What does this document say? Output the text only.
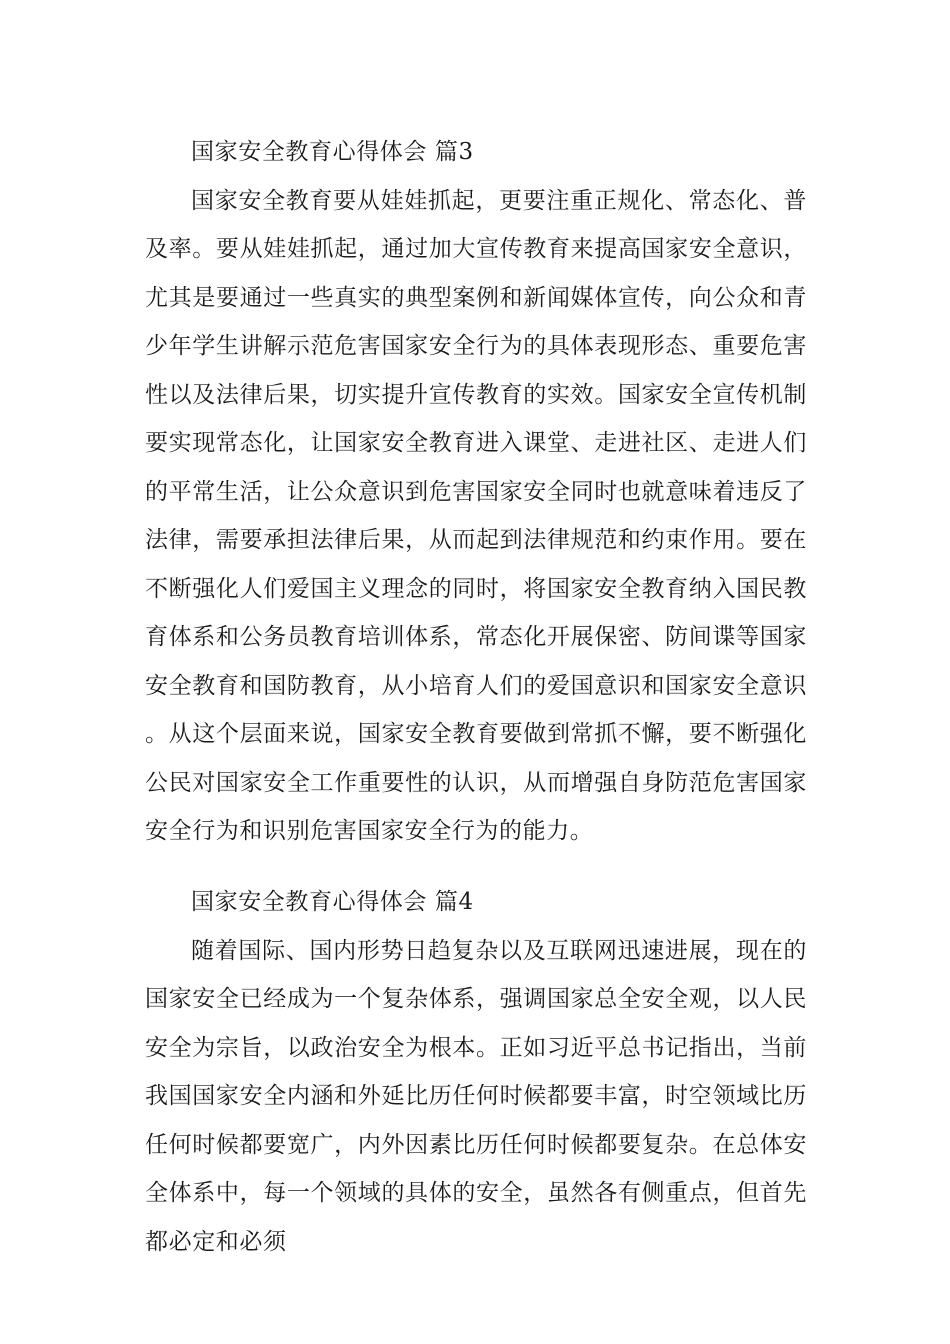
国家安全教育心得体会 篇3

国家安全教育要从娃娃抓起，更要注重正规化、常态化、普及率。要从娃娃抓起，通过加大宣传教育来提高国家安全意识，尤其是要通过一些真实的典型案例和新闻媒体宣传，向公众和青少年学生讲解示范危害国家安全行为的具体表现形态、重要危害性以及法律后果，切实提升宣传教育的实效。国家安全宣传机制要实现常态化，让国家安全教育进入课堂、走进社区、走进人们的平常生活，让公众意识到危害国家安全同时也就意味着违反了法律，需要承担法律后果，从而起到法律规范和约束作用。要在不断强化人们爱国主义理念的同时，将国家安全教育纳入国民教育体系和公务员教育培训体系，常态化开展保密、防间谍等国家安全教育和国防教育，从小培育人们的爱国意识和国家安全意识。从这个层面来说，国家安全教育要做到常抓不懈，要不断强化公民对国家安全工作重要性的认识，从而增强自身防范危害国家安全行为和识别危害国家安全行为的能力。

国家安全教育心得体会 篇4

随着国际、国内形势日趋复杂以及互联网迅速进展，现在的国家安全已经成为一个复杂体系，强调国家总全安全观，以人民安全为宗旨，以政治安全为根本。正如习近平总书记指出，当前我国国家安全内涵和外延比历任何时候都要丰富，时空领域比历任何时候都要宽广，内外因素比历任何时候都要复杂。在总体安全体系中，每一个领域的具体的安全，虽然各有侧重点，但首先都必定和必须
